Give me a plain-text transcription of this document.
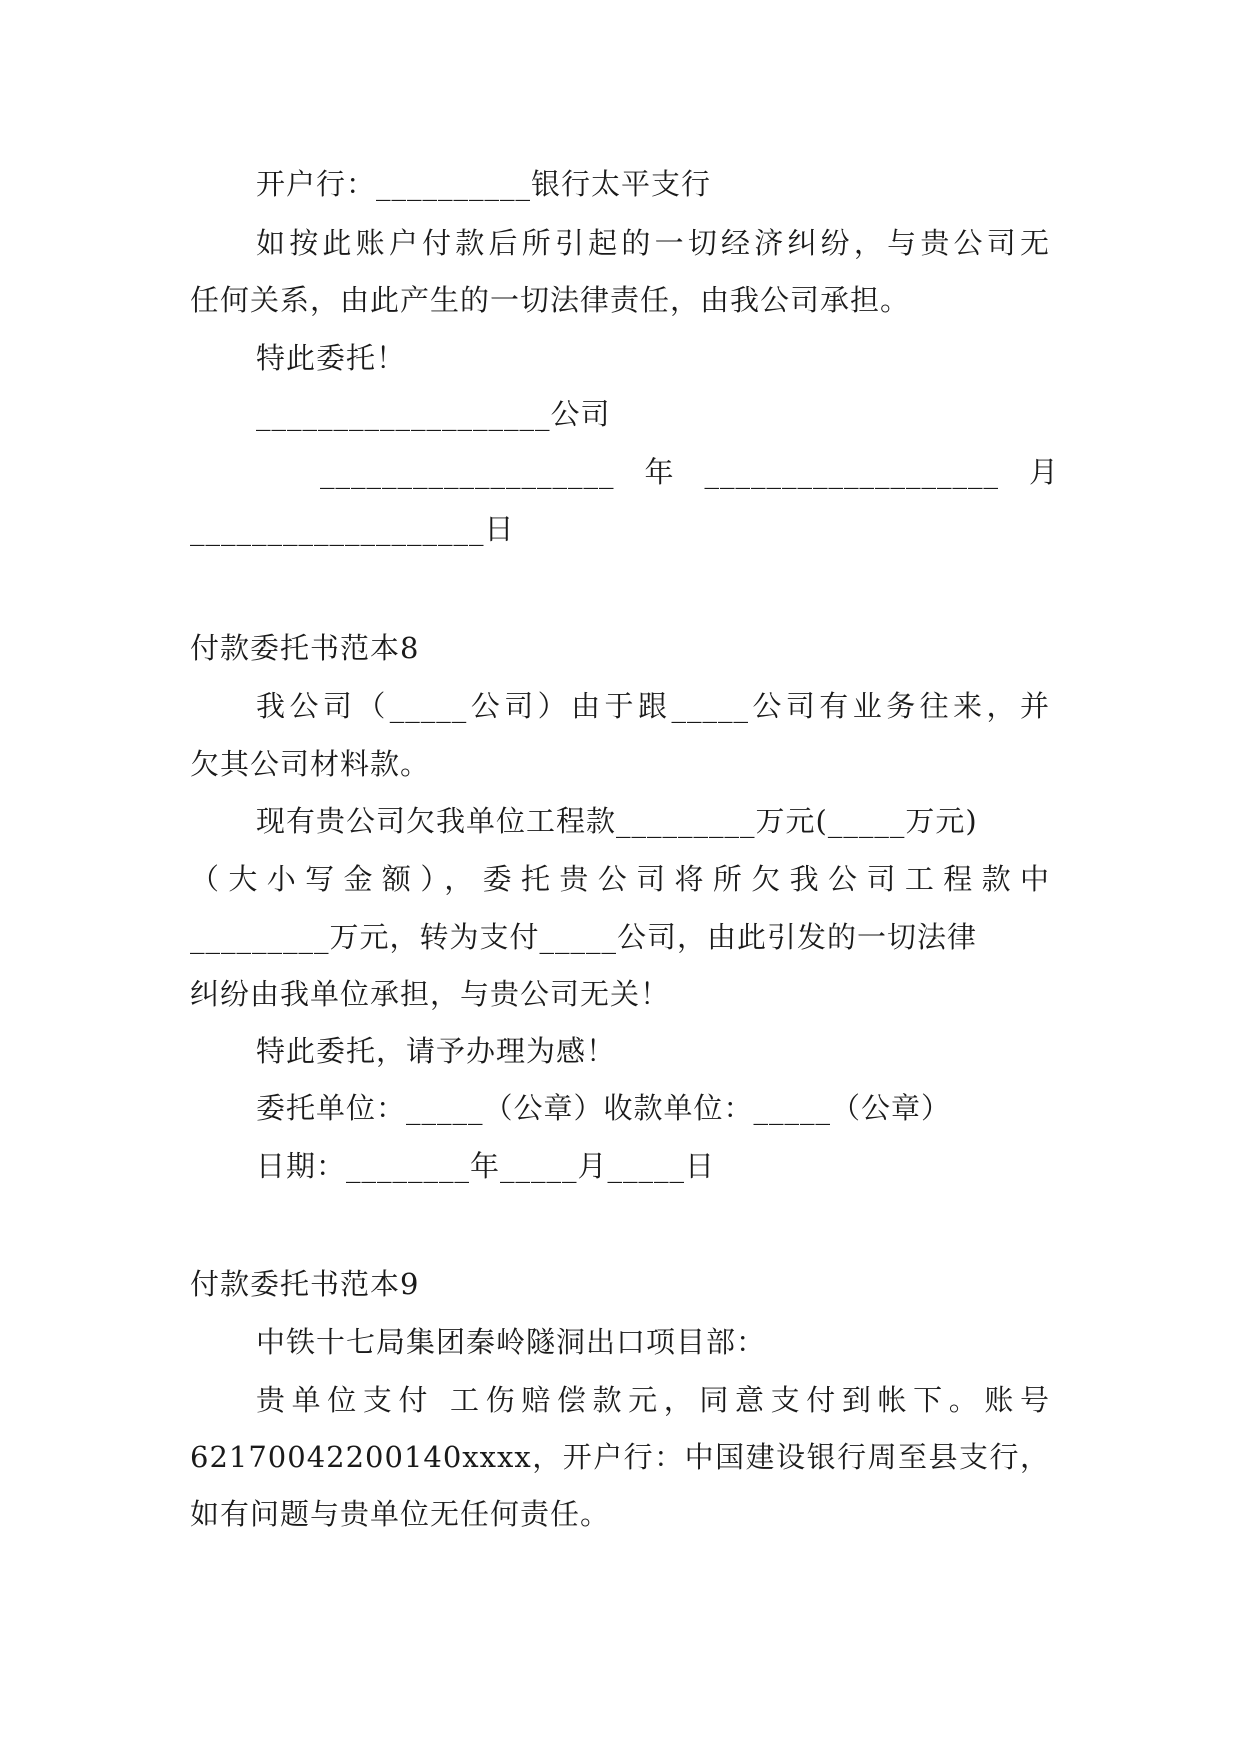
开户行：__________银行太平支行
如按此账户付款后所引起的一切经济纠纷，与贵公司无
任何关系，由此产生的一切法律责任，由我公司承担。
特此委托！
___________________公司
___________________　年　___________________　月
___________________日
付款委托书范本8
我公司（_____公司）由于跟_____公司有业务往来，并
欠其公司材料款。
现有贵公司欠我单位工程款_________万元(_____万元)
（大小写金额），委托贵公司将所欠我公司工程款中
_________万元，转为支付_____公司，由此引发的一切法律
纠纷由我单位承担，与贵公司无关！
特此委托，请予办理为感！
委托单位：_____（公章）收款单位：_____（公章）
日期：________年_____月_____日
付款委托书范本9
中铁十七局集团秦岭隧洞出口项目部：
贵单位支付 工伤赔偿款元，同意支付到帐下。账号
62170042200140xxxx，开户行：中国建设银行周至县支行，
如有问题与贵单位无任何责任。
